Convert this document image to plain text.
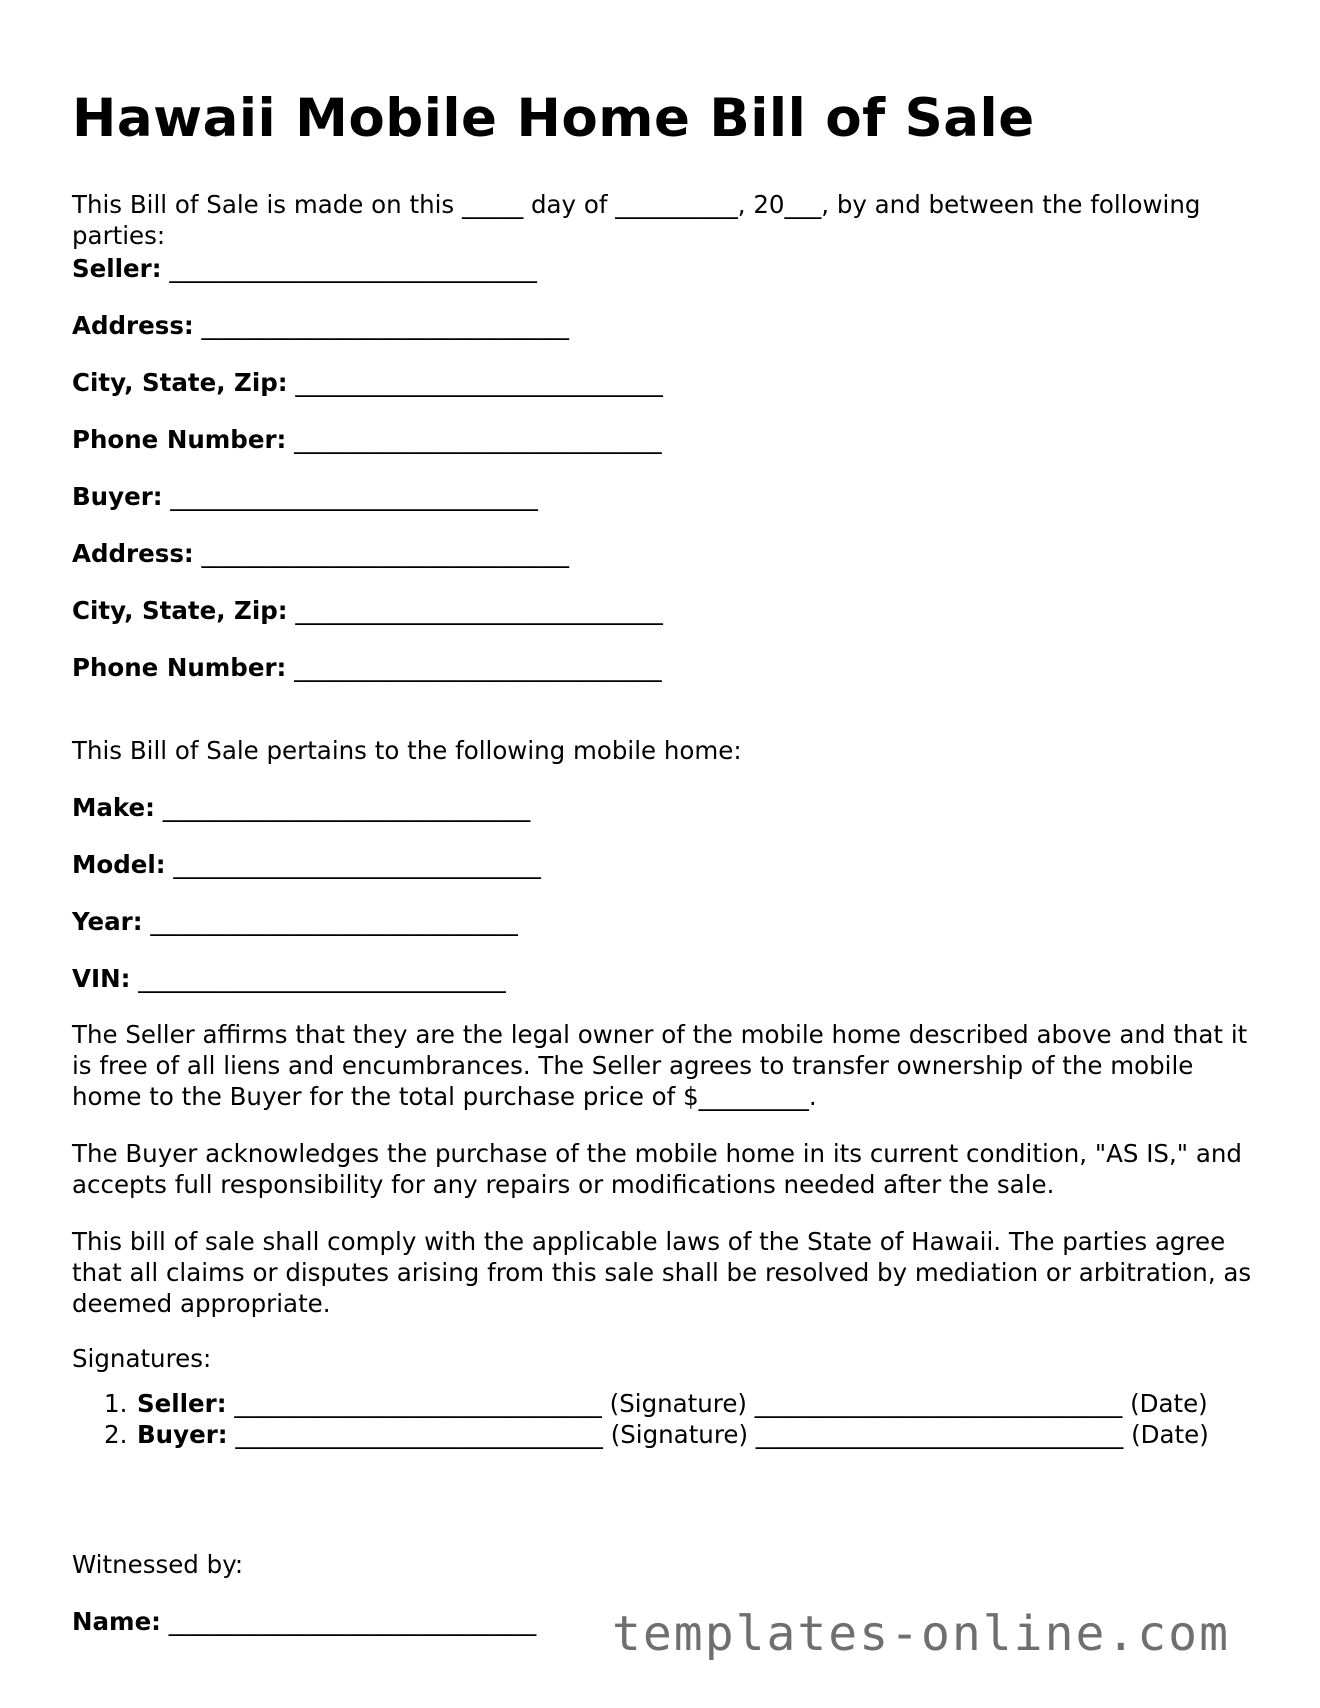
Hawaii Mobile Home Bill of Sale

This Bill of Sale is made on this _____ day of __________, 20___, by and between the following parties:

Seller: ______________________________

Address: ______________________________

City, State, Zip: ______________________________

Phone Number: ______________________________

Buyer: ______________________________

Address: ______________________________

City, State, Zip: ______________________________

Phone Number: ______________________________

This Bill of Sale pertains to the following mobile home:

Make: ______________________________

Model: ______________________________

Year: ______________________________

VIN: ______________________________

The Seller affirms that they are the legal owner of the mobile home described above and that it is free of all liens and encumbrances. The Seller agrees to transfer ownership of the mobile home to the Buyer for the total purchase price of $_________.

The Buyer acknowledges the purchase of the mobile home in its current condition, "AS IS," and accepts full responsibility for any repairs or modifications needed after the sale.

This bill of sale shall comply with the applicable laws of the State of Hawaii. The parties agree that all claims or disputes arising from this sale shall be resolved by mediation or arbitration, as deemed appropriate.

Signatures:

1. Seller: ______________________________ (Signature) ______________________________ (Date)
2. Buyer: ______________________________ (Signature) ______________________________ (Date)

Witnessed by:

Name: ______________________________ templates-online.com
